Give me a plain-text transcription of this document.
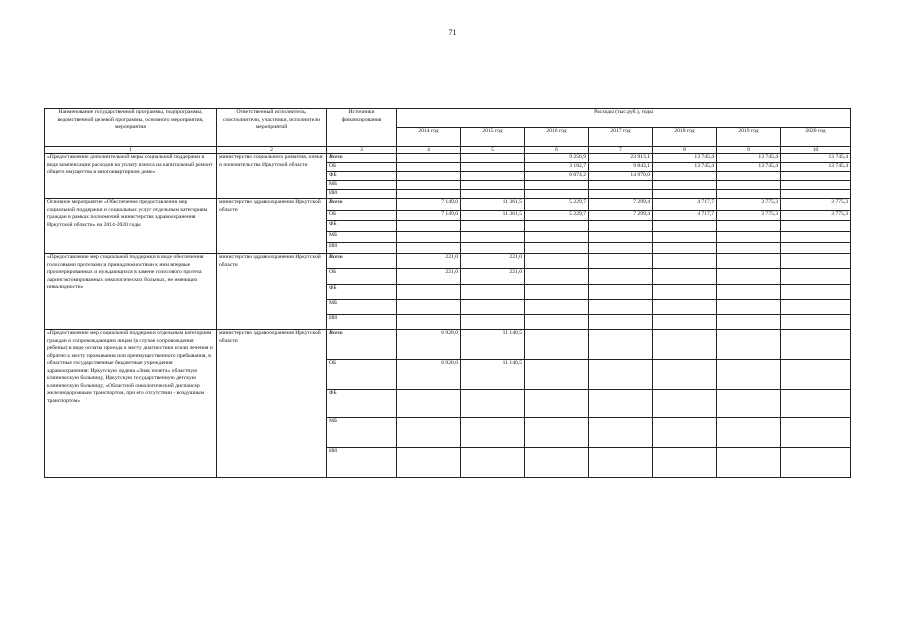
71
Наименование государственной программы, подпрограммы, ведомственной целевой программы, основного мероприятия, мероприятия	Ответственный исполнитель, соисполнители, участники, исполнители мероприятий	Источники финансирования	Расходы (тыс.руб.), годы						
			2014 год	2015 год	2016 год	2017 год	2018 год	2019 год	2020 год
1	2	3	4	5	6	7	8	9	10
«Предоставление дополнительной меры социальной поддержки в виде компенсации расходов на уплату взноса на капитальный ремонт общего имущества в многоквартирном доме»	министерство социального развития, опеки и попечительства Иркутской области	Всего			9 256,9	23 913,1	13 745,4	13 745,4	13 745,4
		ОБ			3 182,7	9 843,1	13 745,4	13 745,4	13 745,4
		ФБ			6 074,2	14 070,0			
		МБ							
		ИИ							
Основное мероприятие «Обеспечение предоставления мер социальной поддержки и социальных услуг отдельным категориям граждан в рамках полномочий министерства здравоохранения Иркутской области» на 2014-2020 годы	министерство здравоохранения Иркутской области	Всего	7 149,0	11 361,5	5 229,7	7 299,4	4 717,7	3 775,3	3 775,3
		ОБ	7 149,0	11 361,5	5 229,7	7 299,4	4 717,7	3 775,3	3 775,3
		ФБ							
		МБ							
		ИИ							
«Предоставление мер социальной поддержки в виде обеспечения голосовыми протезами и принадлежностями к ним впервые прооперированных и нуждающихся в замене голосового протеза ларингэктомированных онкологических больных, не имеющих инвалидности»	министерство здравоохранения Иркутской области	Всего	221,0	221,0					
		ОБ	221,0	221,0					
		ФБ							
		МБ							
		ИИ							
«Предоставление мер социальной поддержки отдельным категориям граждан и сопровождающим лицам (в случае сопровождения ребенка) в виде оплаты проезда к месту диагностики и/или лечения и обратно к месту проживания или преимущественного пребывания, в областные государственные бюджетные учреждения здравоохранения: Иркутскую ордена «Знак почета» областную клиническую больницу, Иркутскую государственную детскую клиническую больницу, «Областной онкологический диспансер железнодорожным транспортом, при его отсутствии - воздушным транспортом»	министерство здравоохранения Иркутской области	Всего	6 928,0	11 140,5					
		ОБ	6 928,0	11 140,5					
		ФБ							
		МБ							
		ИИ							
